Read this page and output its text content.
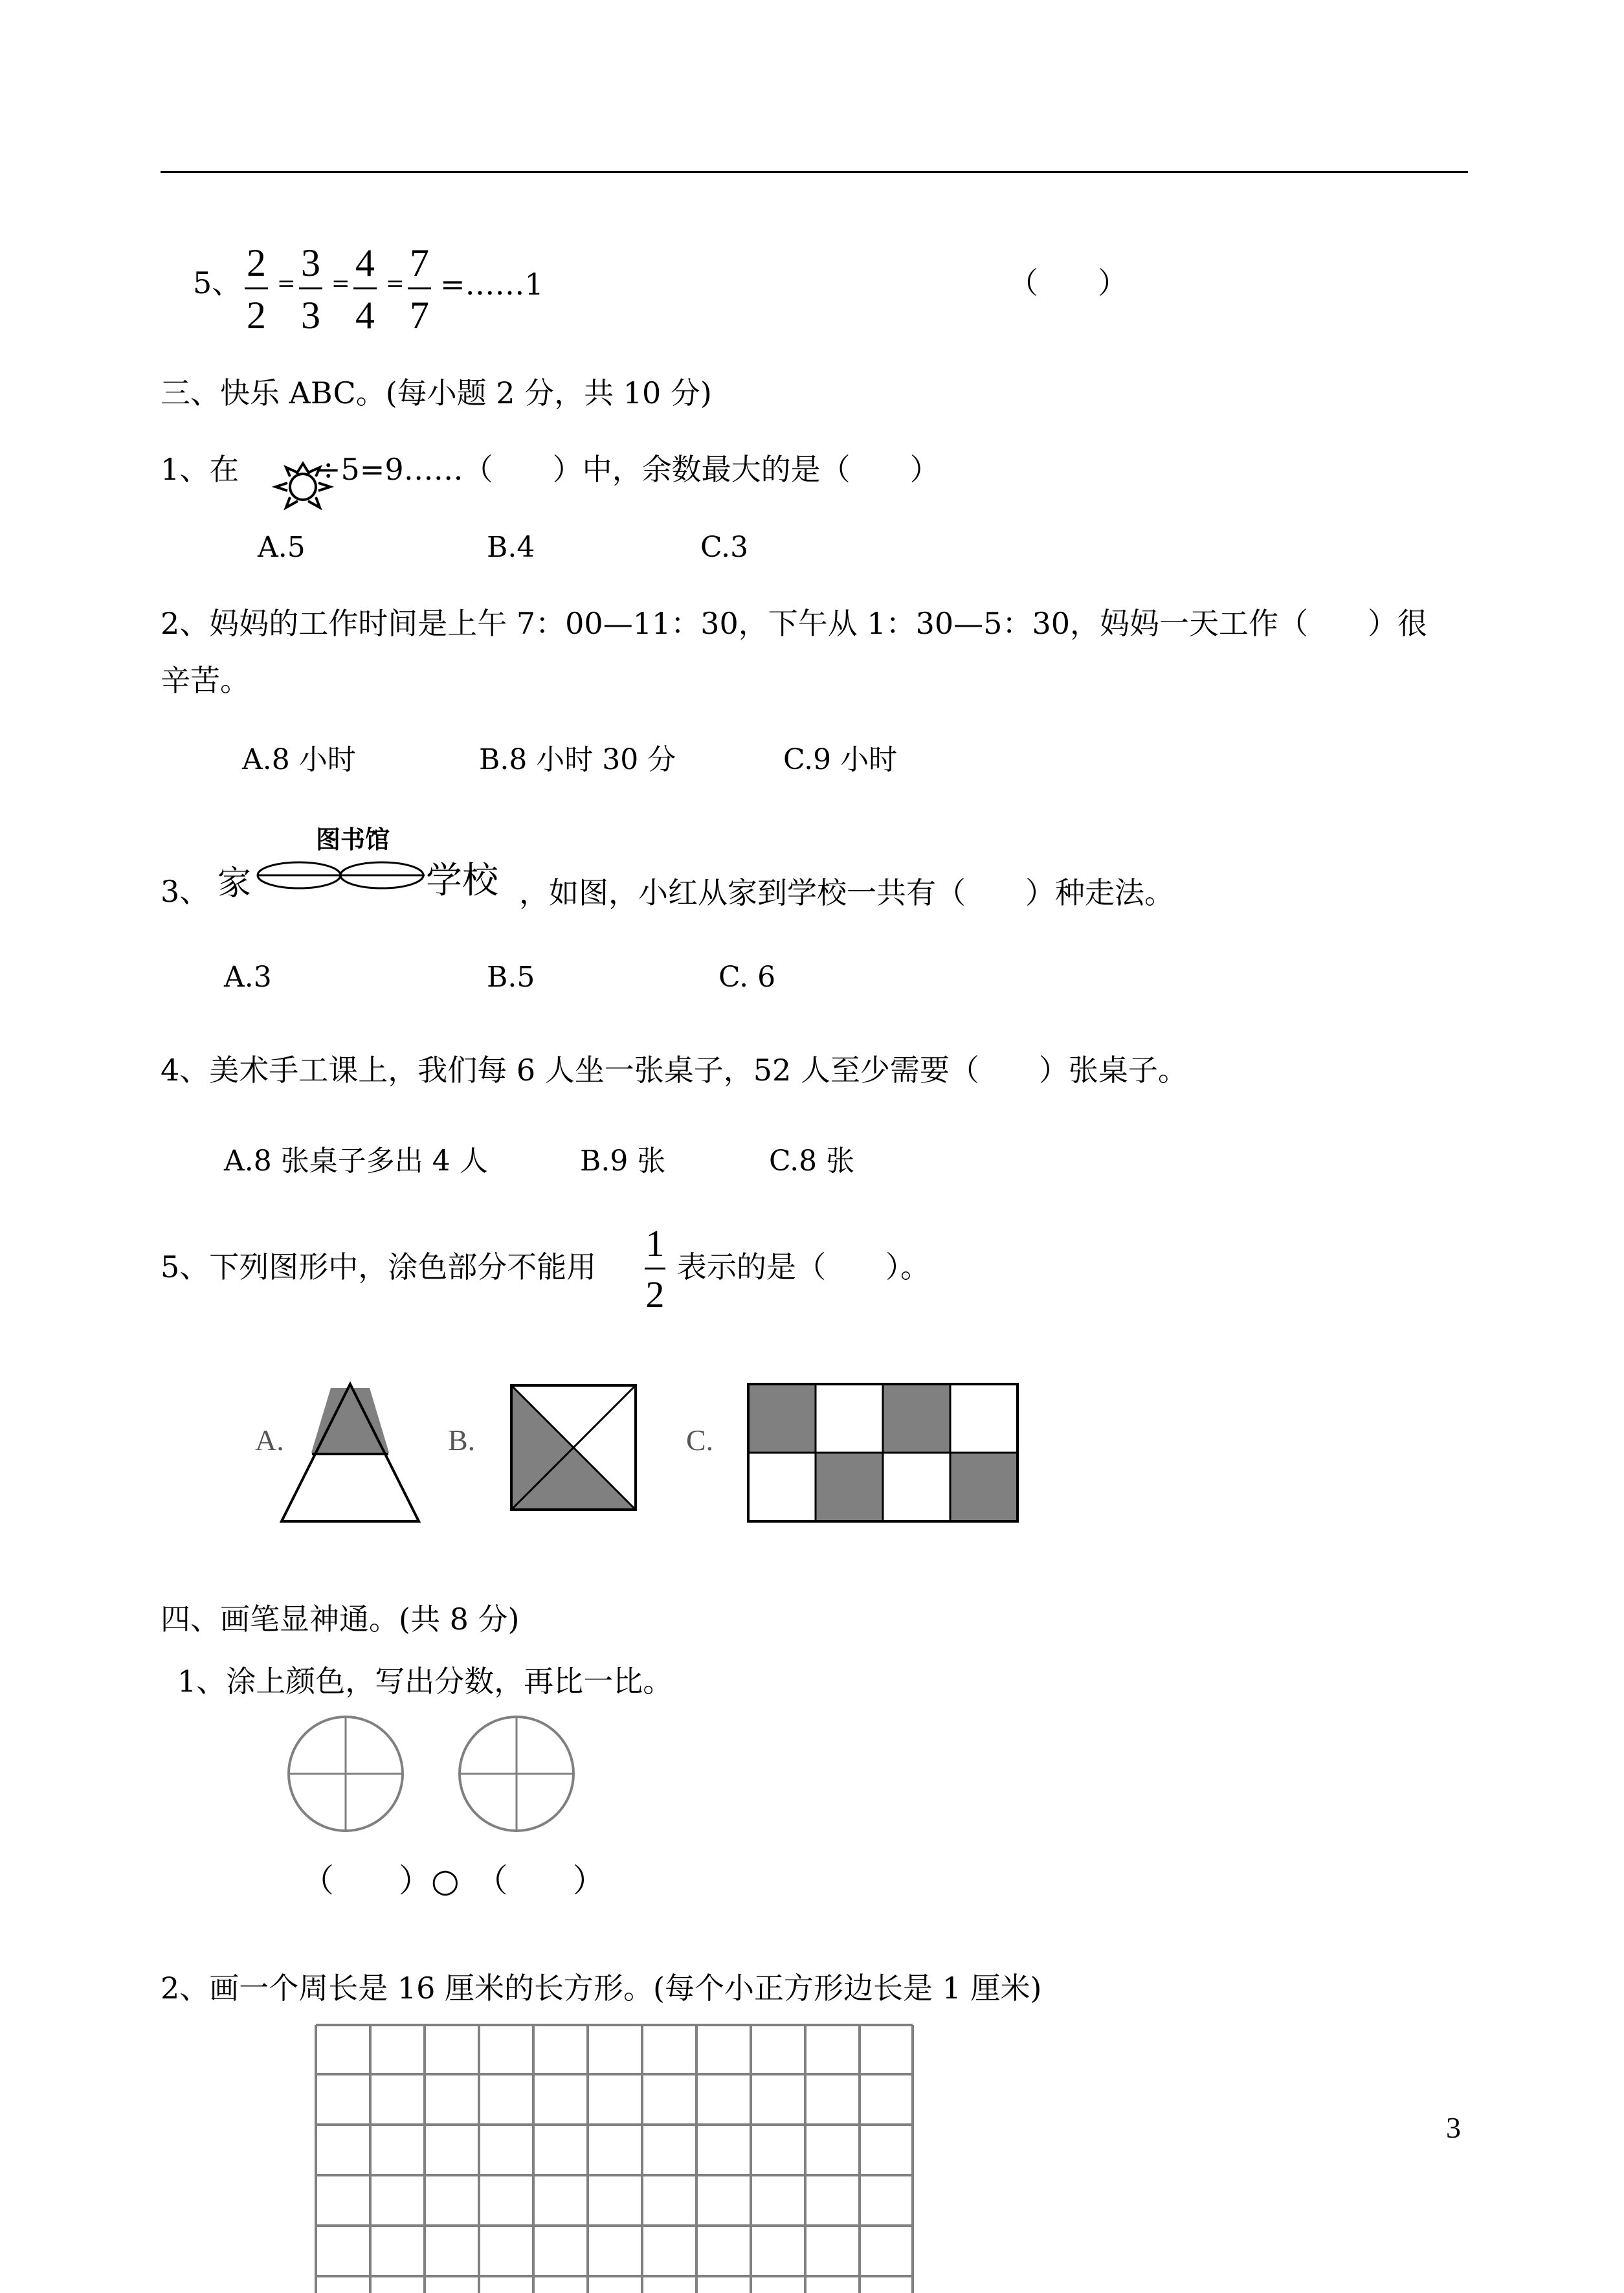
5、 2
2
= 3
3
= 4
4
= 7
7
=……1	（　　）
三、快乐 ABC。(每小题 2 分，共 10 分)
1、在	÷5=9……（　　）中，余数最大的是（　　）
A.5	B.4	C.3
2、妈妈的工作时间是上午 7：00—11：30，下午从 1：30—5：30，妈妈一天工作（　　）很
辛苦。
A.8 小时	B.8 小时 30 分	C.9 小时
3、 家
图书馆
学校 ，如图，小红从家到学校一共有（　　）种走法。
A.3	B.5	C. 6
4、美术手工课上，我们每 6 人坐一张桌子，52 人至少需要（　　）张桌子。
A.8 张桌子多出 4 人	B.9 张	C.8 张
5、下列图形中，涂色部分不能用
1
2
表示的是（　　）。
A.	B.	C.
四、画笔显神通。(共 8 分)
1、涂上颜色，写出分数，再比一比。
（　　）○　（　　）
2、画一个周长是 16 厘米的长方形。(每个小正方形边长是 1 厘米)
3
